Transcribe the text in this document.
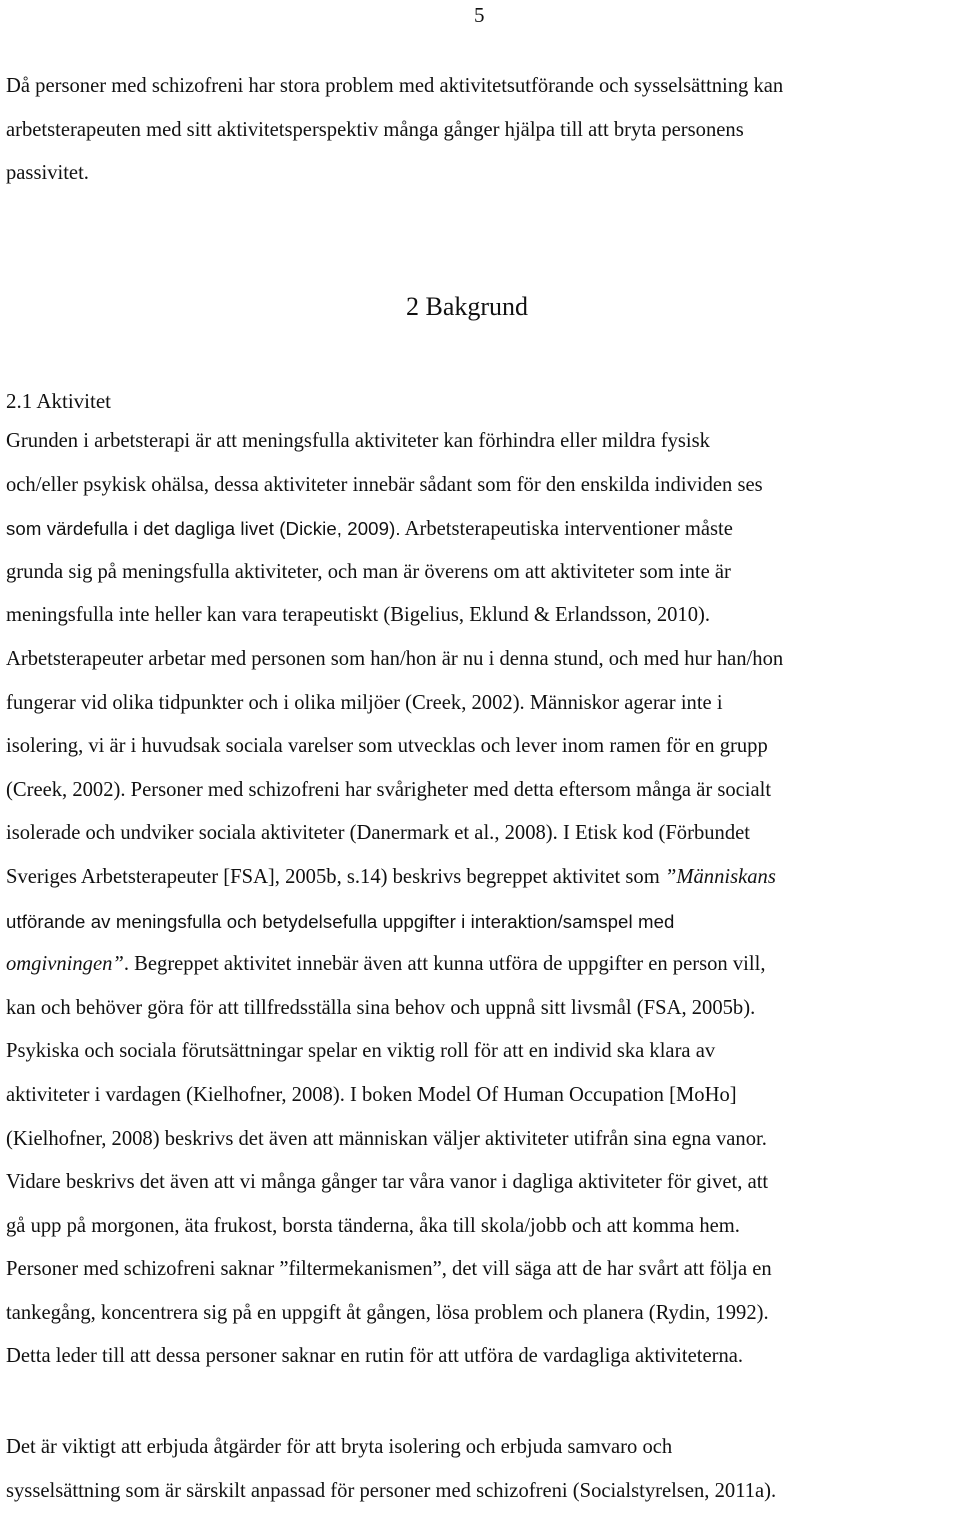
5

Då personer med schizofreni har stora problem med aktivitetsutförande och sysselsättning kan
arbetsterapeuten med sitt aktivitetsperspektiv många gånger hjälpa till att bryta personens
passivitet.

2 Bakgrund
2.1 Aktivitet

Grunden i arbetsterapi är att meningsfulla aktiviteter kan förhindra eller mildra fysisk
och/eller psykisk ohälsa, dessa aktiviteter innebär sådant som för den enskilda individen ses
som värdefulla i det dagliga livet (Dickie, 2009). Arbetsterapeutiska interventioner måste
grunda sig på meningsfulla aktiviteter, och man är överens om att aktiviteter som inte är
meningsfulla inte heller kan vara terapeutiskt (Bigelius, Eklund & Erlandsson, 2010).
Arbetsterapeuter arbetar med personen som han/hon är nu i denna stund, och med hur han/hon
fungerar vid olika tidpunkter och i olika miljöer (Creek, 2002). Människor agerar inte i
isolering, vi är i huvudsak sociala varelser som utvecklas och lever inom ramen för en grupp
(Creek, 2002). Personer med schizofreni har svårigheter med detta eftersom många är socialt
isolerade och undviker sociala aktiviteter (Danermark et al., 2008). I Etisk kod (Förbundet
Sveriges Arbetsterapeuter [FSA], 2005b, s.14) beskrivs begreppet aktivitet som ”Människans
utförande av meningsfulla och betydelsefulla uppgifter i interaktion/samspel med
omgivningen”. Begreppet aktivitet innebär även att kunna utföra de uppgifter en person vill,
kan och behöver göra för att tillfredsställa sina behov och uppnå sitt livsmål (FSA, 2005b).
Psykiska och sociala förutsättningar spelar en viktig roll för att en individ ska klara av
aktiviteter i vardagen (Kielhofner, 2008). I boken Model Of Human Occupation [MoHo]
(Kielhofner, 2008) beskrivs det även att människan väljer aktiviteter utifrån sina egna vanor.
Vidare beskrivs det även att vi många gånger tar våra vanor i dagliga aktiviteter för givet, att
gå upp på morgonen, äta frukost, borsta tänderna, åka till skola/jobb och att komma hem.
Personer med schizofreni saknar ”filtermekanismen”, det vill säga att de har svårt att följa en
tankegång, koncentrera sig på en uppgift åt gången, lösa problem och planera (Rydin, 1992).
Detta leder till att dessa personer saknar en rutin för att utföra de vardagliga aktiviteterna.

Det är viktigt att erbjuda åtgärder för att bryta isolering och erbjuda samvaro och
sysselsättning som är särskilt anpassad för personer med schizofreni (Socialstyrelsen, 2011a).
